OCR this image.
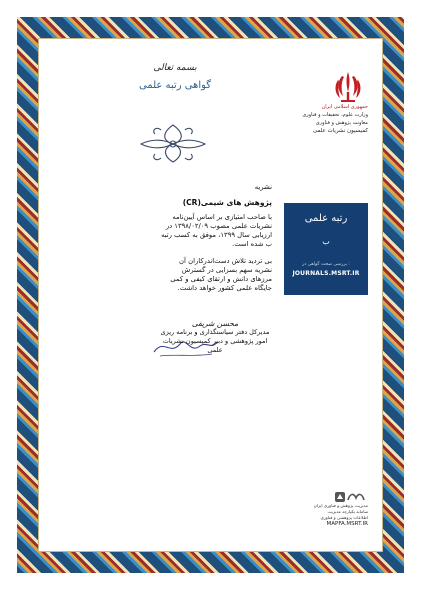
بسمه تعالی
گواهی رتبه علمی
جمهوری اسلامی ایران
وزارت علوم، تحقیقات و فناوری
معاونت پژوهش و فناوری
کمیسیون نشریات علمی
نشریه
پژوهش های شیمی(CR)
با صاحب امتیازی بر اساس آیین‌نامه نشریات علمی مصوب ۱۳۹۸/۰۲/۰۹ در ارزیابی سال ۱۳۹۹، موفق به کسب رتبه ب شده است.
بی تردید تلاش دست‌اندرکاران آن نشریه سهم بسزایی در گسترش مرزهای دانش و ارتقای کیفی و کمی جایگاه علمی کشور خواهد داشت.
محسن شریفی
مدیرکل دفتر سیاستگذاری و برنامه ریزی امور پژوهشی و دبیر کمیسیون نشریات علمی
رتبه علمی
ب
بررسی صحت گواهی در :
JOURNALS.MSRT.IR
مدیریت پژوهش و فناوری ایران
سامانه یکپارچه مدیریت
اطلاعات پژوهشی و فناوری
MAPFA.MSRT.IR
